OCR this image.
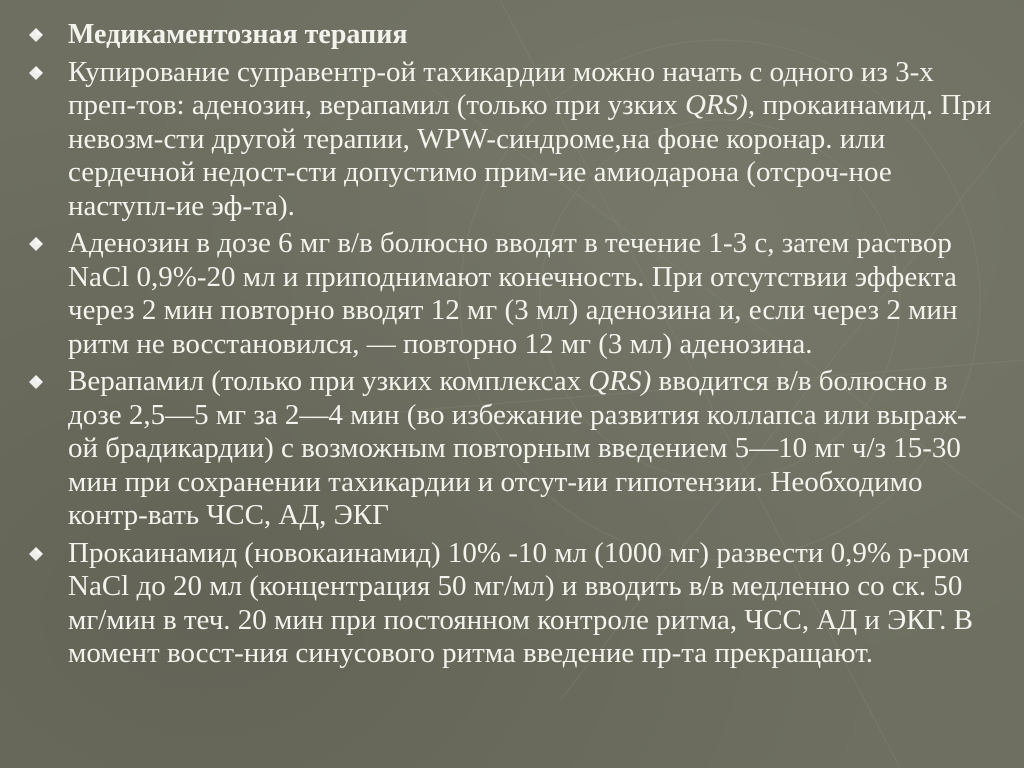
Медикаментозная терапия
Купирование суправентр-ой тахикардии можно начать с одного из 3-х преп-тов: аденозин, верапамил (только при узких QRS), прокаинамид. При невозм-сти другой терапии, WPW-синдроме,на фоне коронар. или сердечной недост-сти допустимо прим-ие амиодарона (отсроч-ное наступл-ие эф-та).
Аденозин в дозе 6 мг в/в болюсно вводят в течение 1-3 с, затем раствор NaCl 0,9%-20 мл и приподнимают конечность. При отсутствии эффекта через 2 мин повторно вводят 12 мг (3 мл) аденозина и, если через 2 мин ритм не восстановился, — повторно 12 мг (3 мл) аденозина.
Верапамил (только при узких комплексах QRS) вводится в/в болюсно в дозе 2,5—5 мг за 2—4 мин (во избежание развития коллапса или выраж-ой брадикардии) с возможным повторным введением 5—10 мг ч/з 15-30 мин при сохранении тахикардии и отсут-ии гипотензии. Необходимо контр-вать ЧСС, АД, ЭКГ
Прокаинамид (новокаинамид) 10% -10 мл (1000 мг) развести 0,9% р-ром NaCl до 20 мл (концентрация 50 мг/мл) и вводить в/в медленно со ск. 50 мг/мин в теч. 20 мин при постоянном контроле ритма, ЧСС, АД и ЭКГ. В момент восст-ния синусового ритма введение пр-та прекращают.
